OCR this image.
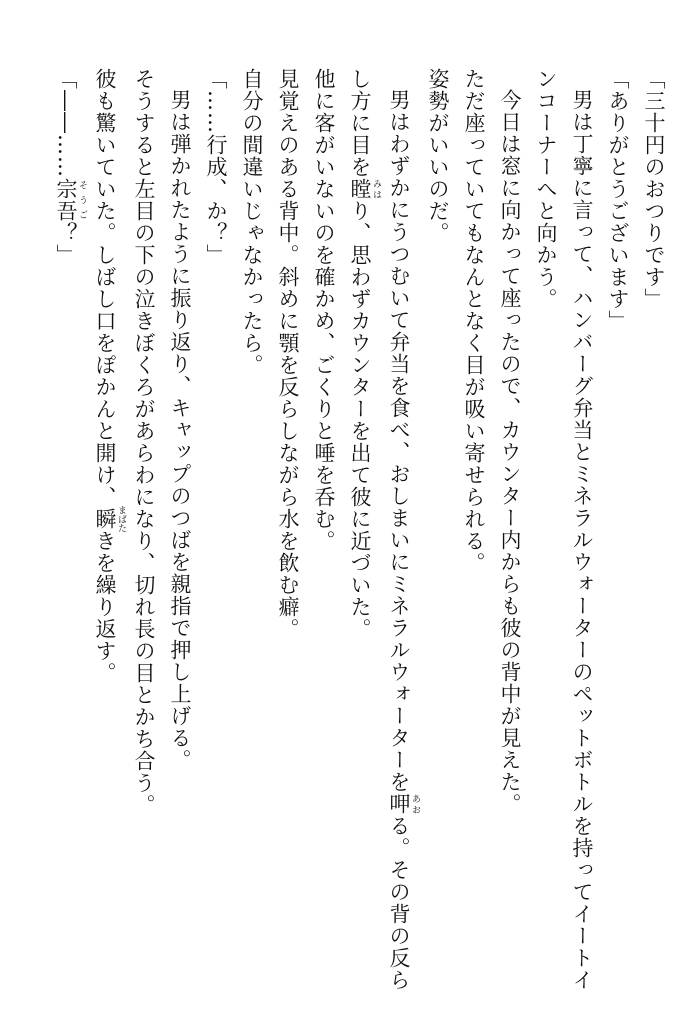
「三十円のおつりです」

「ありがとうございます」

男は丁寧に言って、ハンバーグ弁当とミネラルウォーターのペットボトルを持ってイートイ

ンコーナーへと向かう。

今日は窓に向かって座ったので、カウンター内からも彼の背中が見えた。

ただ座っていてもなんとなく目が吸い寄せられる。

姿勢がいいのだ。

男はわずかにうつむいて弁当を食べ、おしまいにミネラルウォーターを呷 あおる。その背の反ら

し方に目を瞠 みはり、思わずカウンターを出て彼に近づいた。

他に客がいないのを確かめ、ごくりと唾を呑む。

見覚えのある背中。斜めに顎を反らしながら水を飲む癖。

自分の間違いじゃなかったら。

「……行成、か？」

男は弾かれたように振り返り、キャップのつばを親指で押し上げる。

そうすると左目の下の泣きぼくろがあらわになり、切れ長の目とかち合う。

彼も驚いていた。しばし口をぽかんと開け、瞬 まばたきを繰り返す。

「――……宗吾 そうご？」
